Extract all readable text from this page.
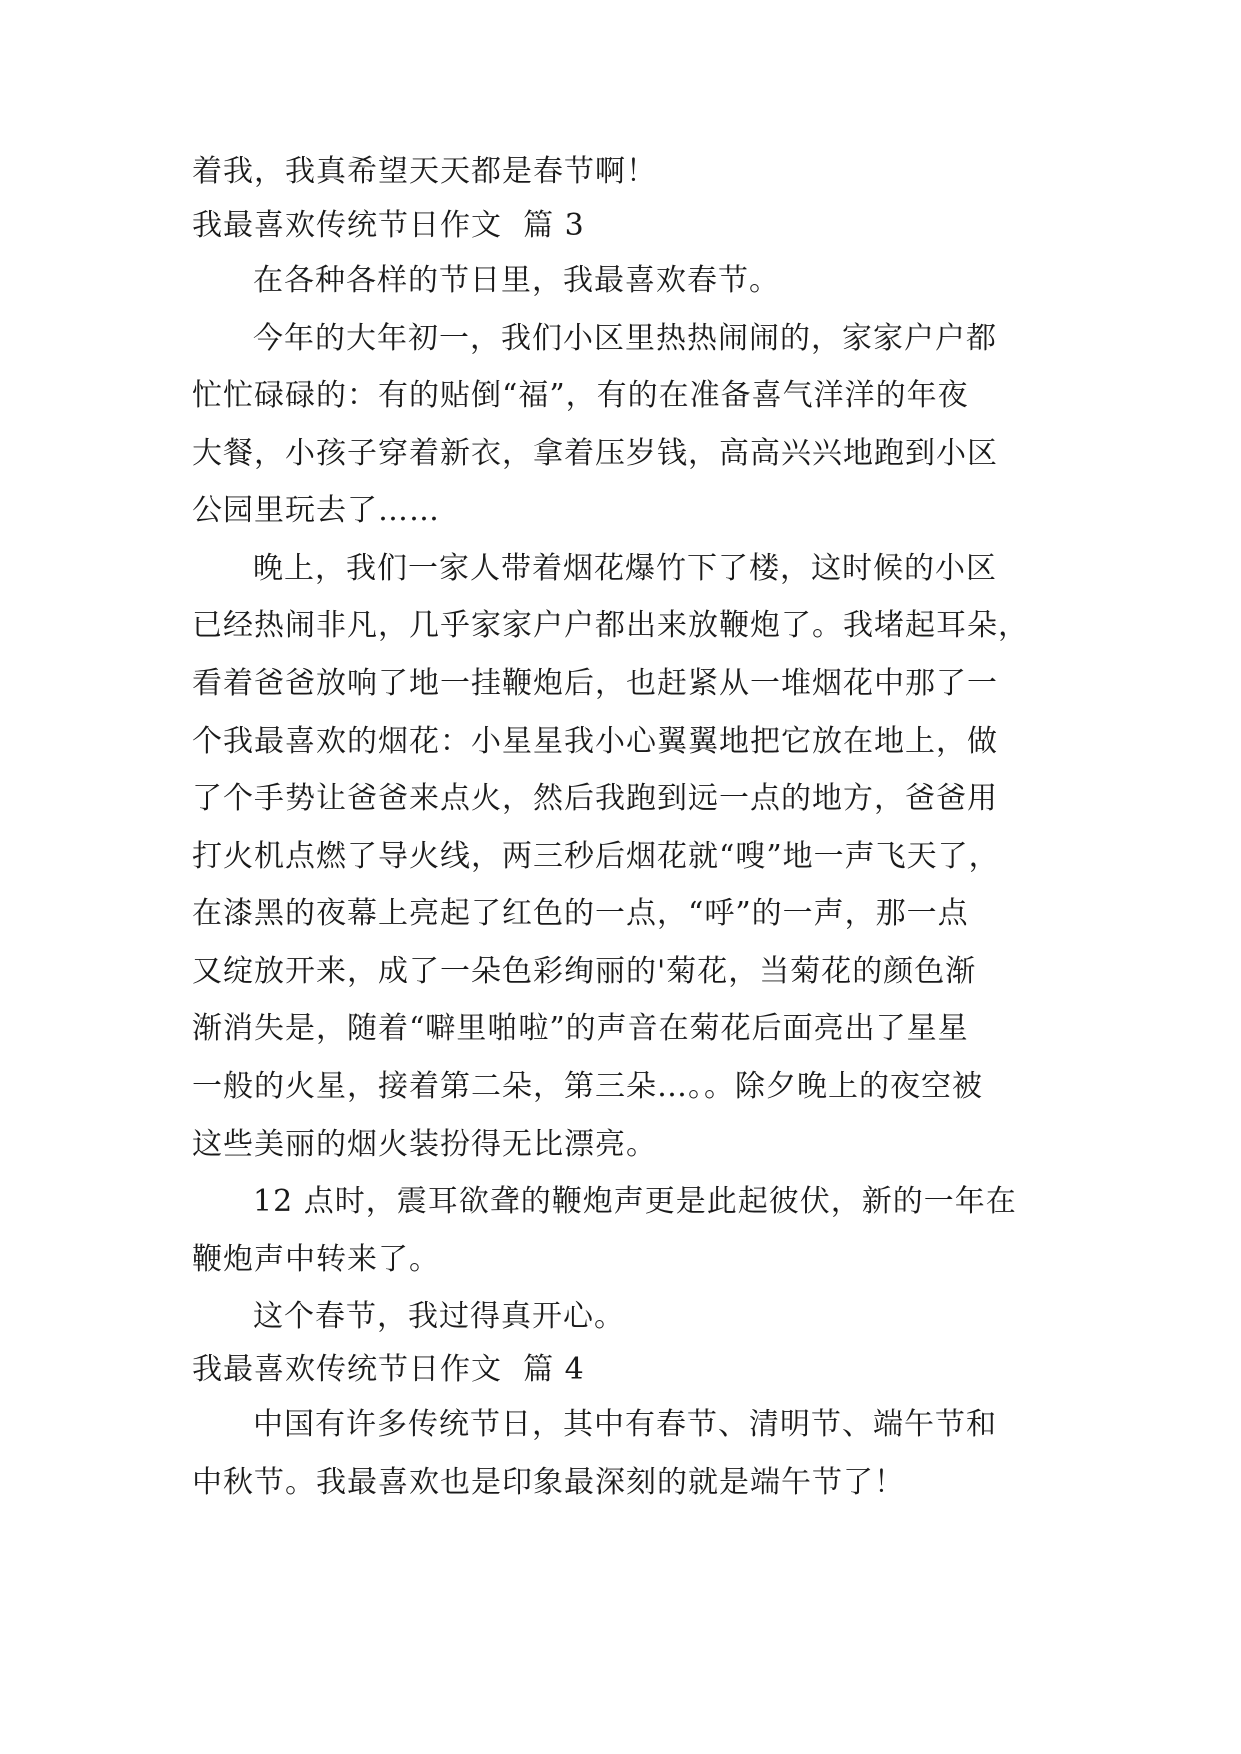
着我，我真希望天天都是春节啊！
我最喜欢传统节日作文  篇 3
在各种各样的节日里，我最喜欢春节。
今年的大年初一，我们小区里热热闹闹的，家家户户都
忙忙碌碌的：有的贴倒“福”，有的在准备喜气洋洋的年夜
大餐，小孩子穿着新衣，拿着压岁钱，高高兴兴地跑到小区
公园里玩去了……
晚上，我们一家人带着烟花爆竹下了楼，这时候的小区
已经热闹非凡，几乎家家户户都出来放鞭炮了。我堵起耳朵，
看着爸爸放响了地一挂鞭炮后，也赶紧从一堆烟花中那了一
个我最喜欢的烟花：小星星我小心翼翼地把它放在地上，做
了个手势让爸爸来点火，然后我跑到远一点的地方，爸爸用
打火机点燃了导火线，两三秒后烟花就“嗖”地一声飞天了，
在漆黑的夜幕上亮起了红色的一点，“呼”的一声，那一点
又绽放开来，成了一朵色彩绚丽的'菊花，当菊花的颜色渐
渐消失是，随着“噼里啪啦”的声音在菊花后面亮出了星星
一般的火星，接着第二朵，第三朵…。。除夕晚上的夜空被
这些美丽的烟火装扮得无比漂亮。
12 点时，震耳欲聋的鞭炮声更是此起彼伏，新的一年在
鞭炮声中转来了。
这个春节，我过得真开心。
我最喜欢传统节日作文  篇 4
中国有许多传统节日，其中有春节、清明节、端午节和
中秋节。我最喜欢也是印象最深刻的就是端午节了！
